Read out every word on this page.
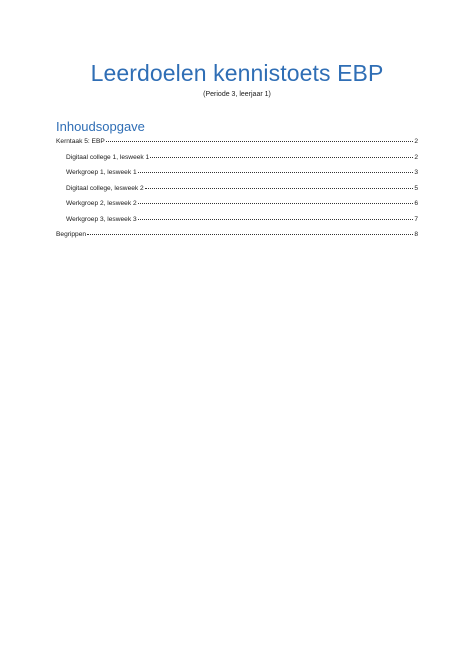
Leerdoelen kennistoets EBP
(Periode 3, leerjaar 1)
Inhoudsopgave
Kerntaak 5: EBP	2
Digitaal college 1, lesweek 1	2
Werkgroep 1, lesweek 1	3
Digitaal college, lesweek 2	5
Werkgroep 2, lesweek 2	6
Werkgroep 3, lesweek 3	7
Begrippen	8
